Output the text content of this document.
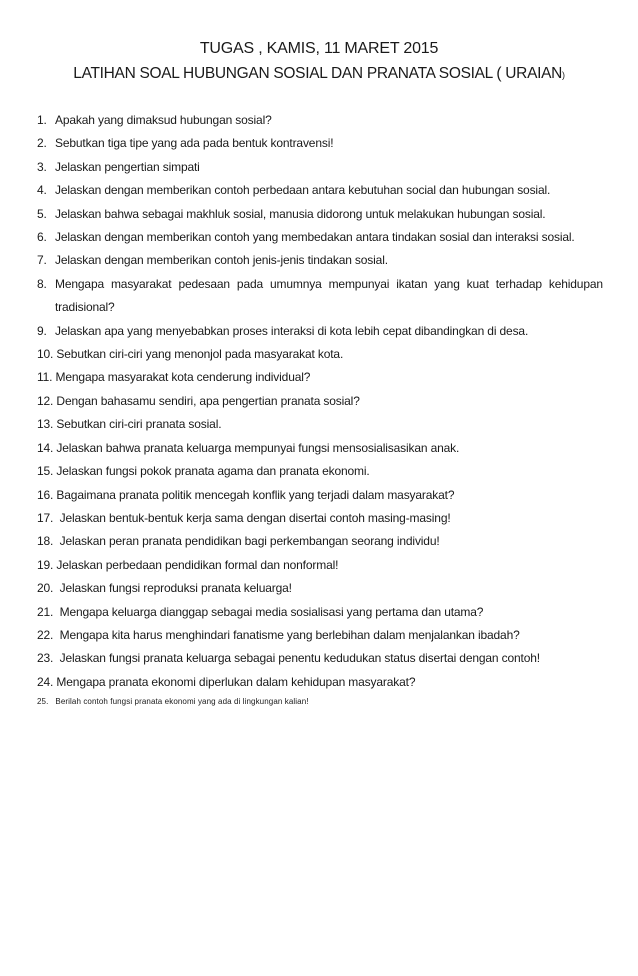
TUGAS , KAMIS, 11 MARET 2015
LATIHAN SOAL HUBUNGAN SOSIAL DAN PRANATA SOSIAL ( URAIAN)
1. Apakah yang dimaksud hubungan sosial?
2. Sebutkan tiga tipe yang ada pada bentuk kontravensi!
3. Jelaskan pengertian simpati
4. Jelaskan dengan memberikan contoh perbedaan antara kebutuhan social dan hubungan sosial.
5. Jelaskan bahwa sebagai makhluk sosial, manusia didorong untuk melakukan hubungan sosial.
6. Jelaskan dengan memberikan contoh yang membedakan antara tindakan sosial dan interaksi sosial.
7. Jelaskan dengan memberikan contoh jenis-jenis tindakan sosial.
8. Mengapa masyarakat pedesaan pada umumnya mempunyai ikatan yang kuat terhadap kehidupan
tradisional?
9. Jelaskan apa yang menyebabkan proses interaksi di kota lebih cepat dibandingkan di desa.
10. Sebutkan ciri-ciri yang menonjol pada masyarakat kota.
11. Mengapa masyarakat kota cenderung individual?
12. Dengan bahasamu sendiri, apa pengertian pranata sosial?
13. Sebutkan ciri-ciri pranata sosial.
14. Jelaskan bahwa pranata keluarga mempunyai fungsi mensosialisasikan anak.
15. Jelaskan fungsi pokok pranata agama dan pranata ekonomi.
16. Bagaimana pranata politik mencegah konflik yang terjadi dalam masyarakat?
17. Jelaskan bentuk-bentuk kerja sama dengan disertai contoh masing-masing!
18. Jelaskan peran pranata pendidikan bagi perkembangan seorang individu!
19. Jelaskan perbedaan pendidikan formal dan nonformal!
20. Jelaskan fungsi reproduksi pranata keluarga!
21. Mengapa keluarga dianggap sebagai media sosialisasi yang pertama dan utama?
22. Mengapa kita harus menghindari fanatisme yang berlebihan dalam menjalankan ibadah?
23. Jelaskan fungsi pranata keluarga sebagai penentu kedudukan status disertai dengan contoh!
24. Mengapa pranata ekonomi diperlukan dalam kehidupan masyarakat?
25. Berilah contoh fungsi pranata ekonomi yang ada di lingkungan kalian!
